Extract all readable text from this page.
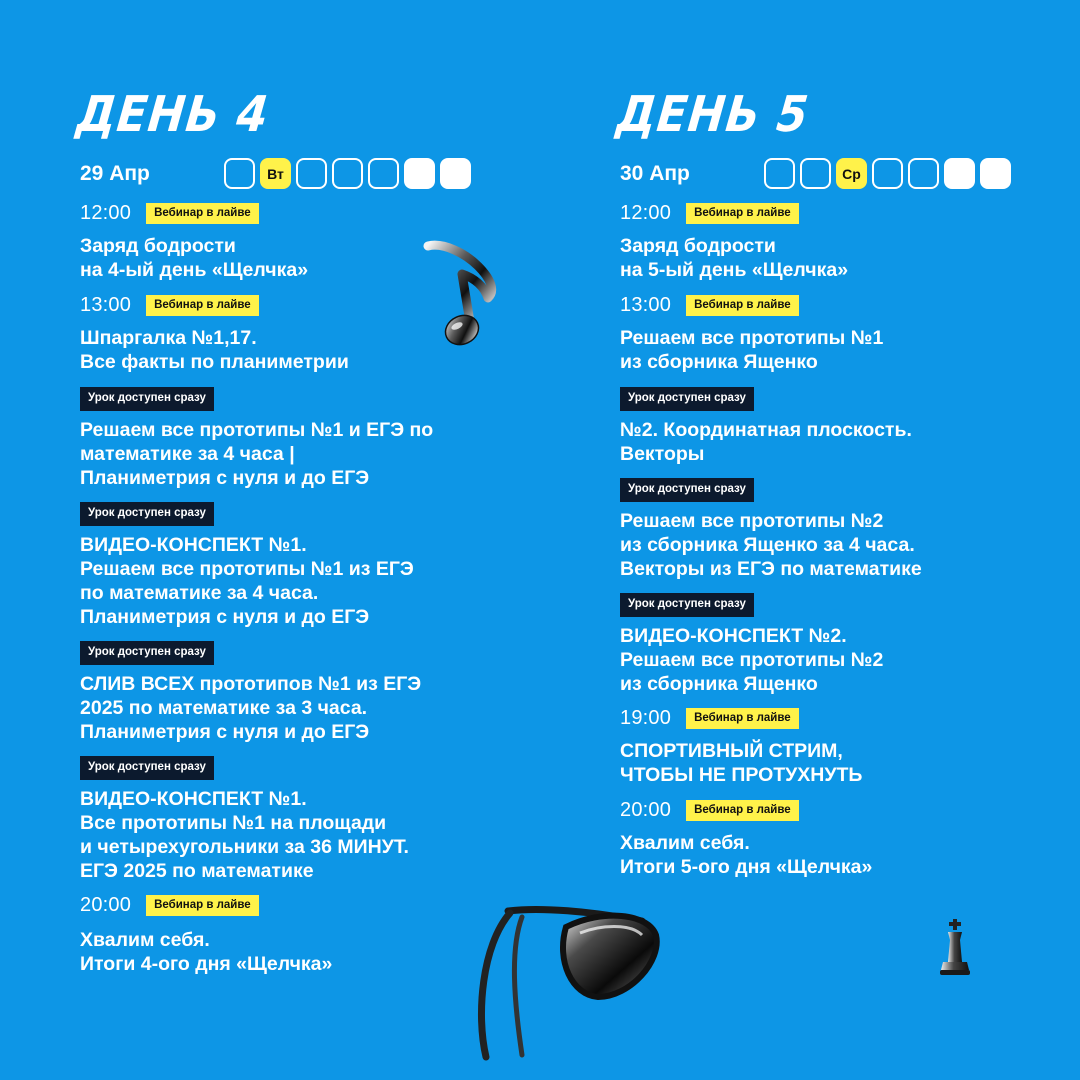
ДЕНЬ 4
29 Апр	Вт
12:00	Вебинар в лайве

Заряд бодрости
на 4-ый день «Щелчка»

13:00	Вебинар в лайве

Шпаргалка №1,17.
Все факты по планиметрии

Урок доступен сразу

Решаем все прототипы №1 и ЕГЭ по
математике за 4 часа |
Планиметрия с нуля и до ЕГЭ

Урок доступен сразу

ВИДЕО-КОНСПЕКТ №1.
Решаем все прототипы №1 из ЕГЭ
по математике за 4 часа.
Планиметрия с нуля и до ЕГЭ

Урок доступен сразу

СЛИВ ВСЕХ прототипов №1 из ЕГЭ
2025 по математике за 3 часа.
Планиметрия с нуля и до ЕГЭ

Урок доступен сразу

ВИДЕО-КОНСПЕКТ №1.
Все прототипы №1 на площади
и четырехугольники за 36 МИНУТ.
ЕГЭ 2025 по математике

20:00	Вебинар в лайве

Хвалим себя.
Итоги 4-ого дня «Щелчка»

ДЕНЬ 5
30 Апр	Ср
12:00	Вебинар в лайве

Заряд бодрости
на 5-ый день «Щелчка»

13:00	Вебинар в лайве

Решаем все прототипы №1
из сборника Ященко

Урок доступен сразу

№2. Координатная плоскость.
Векторы

Урок доступен сразу

Решаем все прототипы №2
из сборника Ященко за 4 часа.
Векторы из ЕГЭ по математике

Урок доступен сразу

ВИДЕО-КОНСПЕКТ №2.
Решаем все прототипы №2
из сборника Ященко

19:00	Вебинар в лайве

СПОРТИВНЫЙ СТРИМ,
ЧТОБЫ НЕ ПРОТУХНУТЬ

20:00	Вебинар в лайве

Хвалим себя.
Итоги 5-ого дня «Щелчка»
